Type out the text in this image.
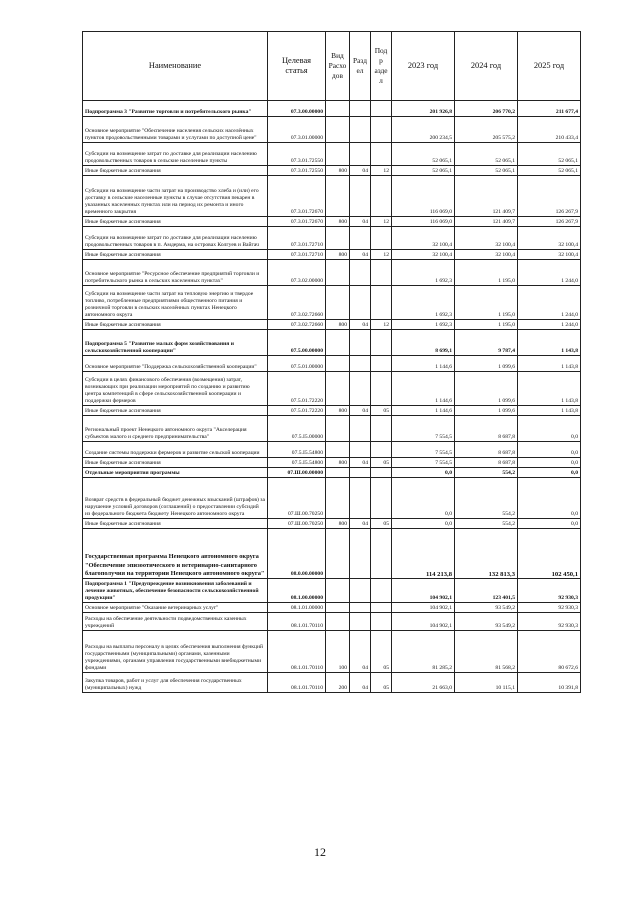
Наименование	Целевая статья	Вид Расхо дов	Разд ел	Подр азде л	2023 год	2024 год	2025 год
Подпрограмма 3 "Развитие торговли и потребительского рынка"	07.3.00.00000				201 926,8	206 770,2	211 677,4
Основное мероприятие "Обеспечение населения сельских населённых пунктов продовольственными товарами и услугами по доступной цене"	07.3.01.00000				200 234,5	205 575,2	210 433,4
Субсидии на возмещение затрат по доставке для реализации населению продовольственных товаров в сельские населенные пункты	07.3.01.72550				52 065,1	52 065,1	52 065,1
Иные бюджетные ассигнования	07.3.01.72550	800	04	12	52 065,1	52 065,1	52 065,1
Субсидии на возмещение части затрат на производство хлеба и (или) его доставку в сельские населенные пункты в случае отсутствия пекарен в указанных населенных пунктах или на период их ремонта и иного временного закрытия	07.3.01.72670				116 069,0	121 409,7	126 267,9
Иные бюджетные ассигнования	07.3.01.72670	800	04	12	116 069,0	121 409,7	126 267,9
Субсидии на возмещение затрат по доставке для реализации населению продовольственных товаров в п. Амдерма, на островах Колгуев и Вайгач	07.3.01.72710				32 100,4	32 100,4	32 100,4
Иные бюджетные ассигнования	07.3.01.72710	800	04	12	32 100,4	32 100,4	32 100,4
Основное мероприятие "Ресурсное обеспечение предприятий торговли и потребительского рынка в сельских населенных пунктах"	07.3.02.00000				1 692,3	1 195,0	1 244,0
Субсидии на возмещение части затрат на тепловую энергию и твердое топливо, потребленные предприятиями общественного питания и розничной торговли в сельских населённых пунктах Ненецкого автономного округа	07.3.02.72660				1 692,3	1 195,0	1 244,0
Иные бюджетные ассигнования	07.3.02.72660	800	04	12	1 692,3	1 195,0	1 244,0
Подпрограмма 5 "Развитие малых форм хозяйствования и сельскохозяйственной кооперации"	07.5.00.00000				8 699,1	9 787,4	1 143,8
Основное мероприятие "Поддержка сельскохозяйственной кооперации"	07.5.01.00000				1 144,6	1 099,6	1 143,8
Субсидии в целях финансового обеспечения (возмещения) затрат, возникающих при реализации мероприятий по созданию и развитию центра компетенций в сфере сельскохозяйственной кооперации и поддержки фермеров	07.5.01.72220				1 144,6	1 099,6	1 143,8
Иные бюджетные ассигнования	07.5.01.72220	800	04	05	1 144,6	1 099,6	1 143,8
Региональный проект Ненецкого автономного округа "Акселерация субъектов малого и среднего предпринимательства"	07.5.I5.00000				7 554,5	8 687,8	0,0
Создание системы поддержки фермеров и развитие сельской кооперации	07.5.I5.54800				7 554,5	8 687,8	0,0
Иные бюджетные ассигнования	07.5.I5.54800	800	04	05	7 554,5	8 687,8	0,0
Отдельные мероприятия программы	07.Ш.00.00000				0,0	554,2	0,0
Возврат средств в федеральный бюджет денежных взысканий (штрафов) за нарушение условий договоров (соглашений) о предоставлении субсидий из федерального бюджета бюджету Ненецкого автономного округа	07.Ш.00.70250				0,0	554,2	0,0
Иные бюджетные ассигнования	07.Ш.00.70250	800	04	05	0,0	554,2	0,0
Государственная программа Ненецкого автономного округа "Обеспечение эпизоотического и ветеринарно-санитарного благополучия на территории Ненецкого автономного округа"	08.0.00.00000				114 213,8	132 813,3	102 450,1
Подпрограмма 1 "Предупреждение возникновения заболеваний и лечение животных, обеспечение безопасности сельскохозяйственной продукции"	08.1.00.00000				104 902,1	123 401,5	92 930,3
Основное мероприятие "Оказание ветеринарных услуг"	08.1.01.00000				104 902,1	93 549,2	92 930,3
Расходы на обеспечение деятельности подведомственных казенных учреждений	08.1.01.70110				104 902,1	93 549,2	92 930,3
Расходы на выплаты персоналу в целях обеспечения выполнения функций государственными (муниципальными) органами, казенными учреждениями, органами управления государственными внебюджетными фондами	08.1.01.70110	100	04	05	81 285,2	81 568,2	80 672,6
Закупка товаров, работ и услуг для обеспечения государственных (муниципальных) нужд	08.1.01.70110	200	04	05	21 663,0	10 115,1	10 391,8
12
